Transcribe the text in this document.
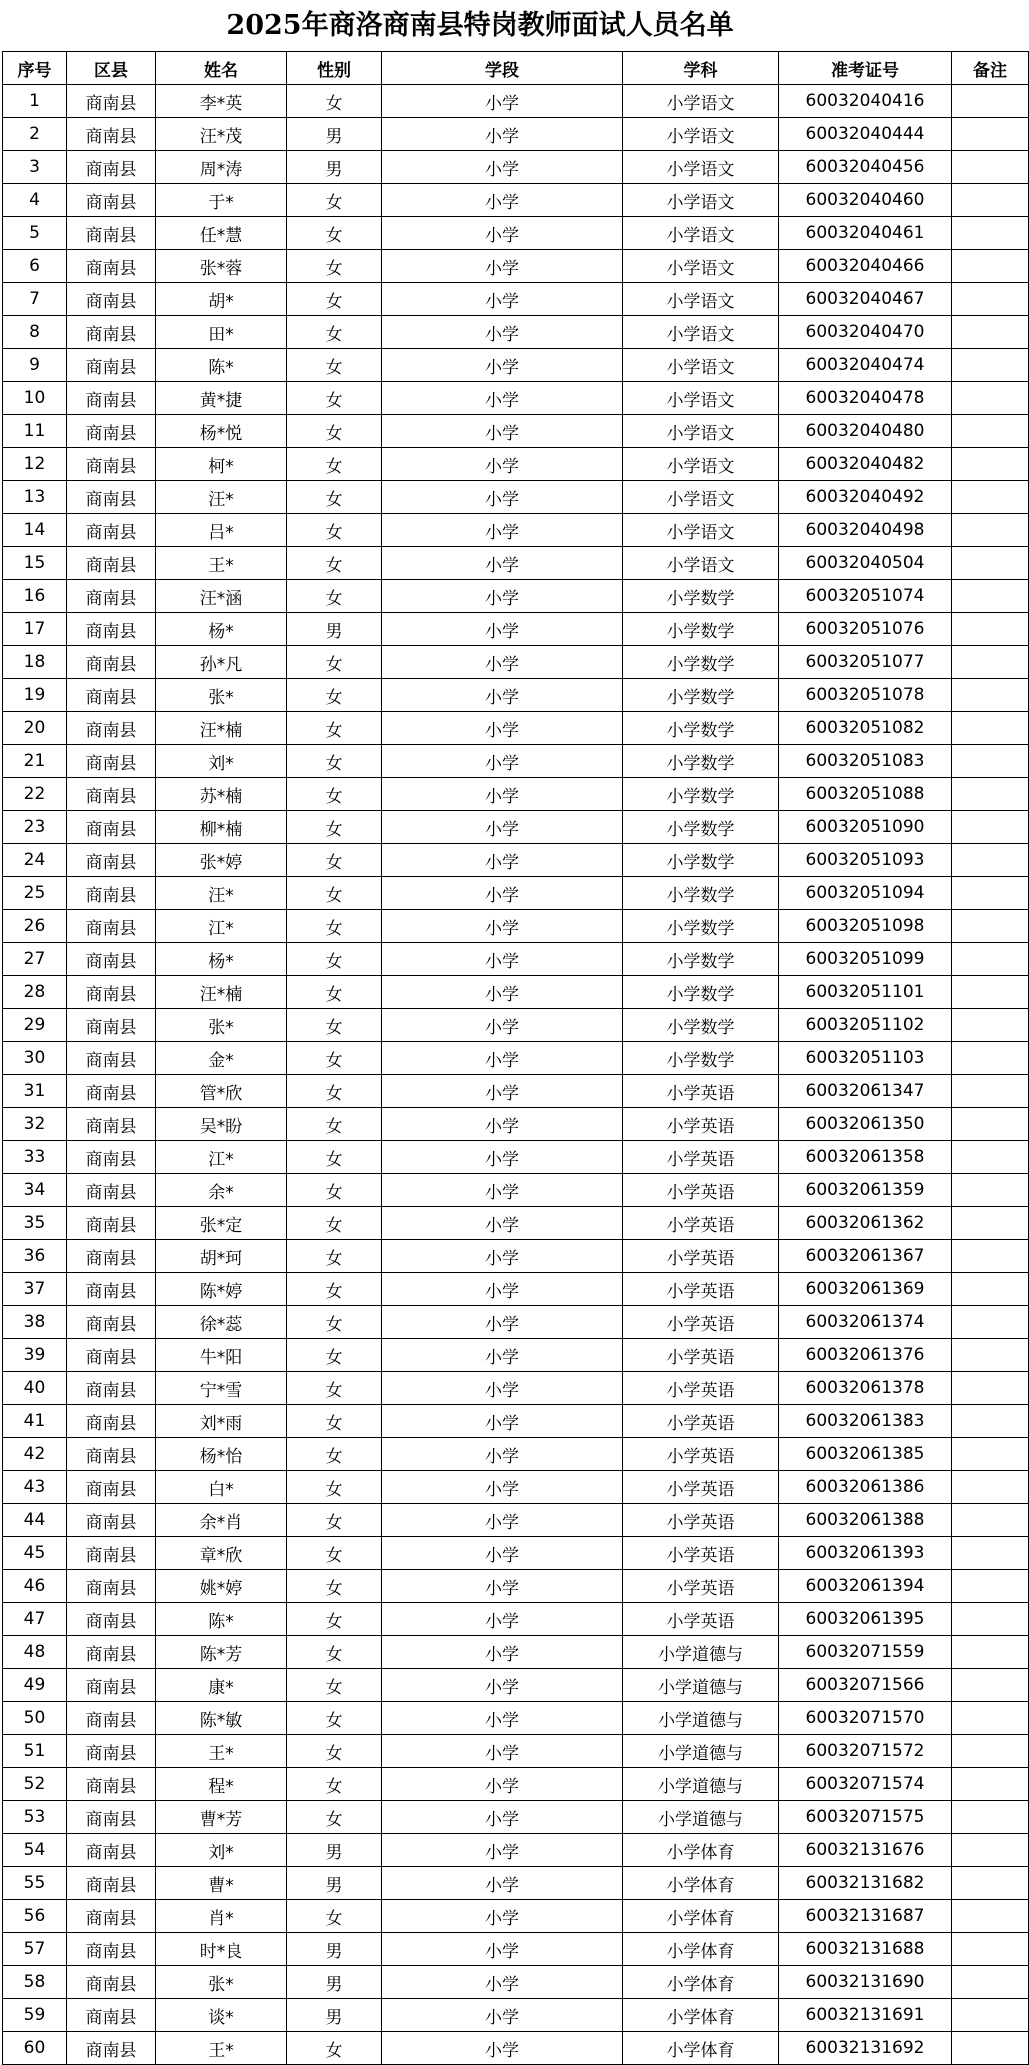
2025年商洛商南县特岗教师面试人员名单
序号	区县	姓名	性别	学段	学科	准考证号	备注
1	商南县	李*英	女	小学	小学语文	60032040416	
2	商南县	汪*茂	男	小学	小学语文	60032040444	
3	商南县	周*涛	男	小学	小学语文	60032040456	
4	商南县	于*	女	小学	小学语文	60032040460	
5	商南县	任*慧	女	小学	小学语文	60032040461	
6	商南县	张*蓉	女	小学	小学语文	60032040466	
7	商南县	胡*	女	小学	小学语文	60032040467	
8	商南县	田*	女	小学	小学语文	60032040470	
9	商南县	陈*	女	小学	小学语文	60032040474	
10	商南县	黄*捷	女	小学	小学语文	60032040478	
11	商南县	杨*悦	女	小学	小学语文	60032040480	
12	商南县	柯*	女	小学	小学语文	60032040482	
13	商南县	汪*	女	小学	小学语文	60032040492	
14	商南县	吕*	女	小学	小学语文	60032040498	
15	商南县	王*	女	小学	小学语文	60032040504	
16	商南县	汪*涵	女	小学	小学数学	60032051074	
17	商南县	杨*	男	小学	小学数学	60032051076	
18	商南县	孙*凡	女	小学	小学数学	60032051077	
19	商南县	张*	女	小学	小学数学	60032051078	
20	商南县	汪*楠	女	小学	小学数学	60032051082	
21	商南县	刘*	女	小学	小学数学	60032051083	
22	商南县	苏*楠	女	小学	小学数学	60032051088	
23	商南县	柳*楠	女	小学	小学数学	60032051090	
24	商南县	张*婷	女	小学	小学数学	60032051093	
25	商南县	汪*	女	小学	小学数学	60032051094	
26	商南县	江*	女	小学	小学数学	60032051098	
27	商南县	杨*	女	小学	小学数学	60032051099	
28	商南县	汪*楠	女	小学	小学数学	60032051101	
29	商南县	张*	女	小学	小学数学	60032051102	
30	商南县	金*	女	小学	小学数学	60032051103	
31	商南县	管*欣	女	小学	小学英语	60032061347	
32	商南县	吴*盼	女	小学	小学英语	60032061350	
33	商南县	江*	女	小学	小学英语	60032061358	
34	商南县	余*	女	小学	小学英语	60032061359	
35	商南县	张*定	女	小学	小学英语	60032061362	
36	商南县	胡*珂	女	小学	小学英语	60032061367	
37	商南县	陈*婷	女	小学	小学英语	60032061369	
38	商南县	徐*蕊	女	小学	小学英语	60032061374	
39	商南县	牛*阳	女	小学	小学英语	60032061376	
40	商南县	宁*雪	女	小学	小学英语	60032061378	
41	商南县	刘*雨	女	小学	小学英语	60032061383	
42	商南县	杨*怡	女	小学	小学英语	60032061385	
43	商南县	白*	女	小学	小学英语	60032061386	
44	商南县	余*肖	女	小学	小学英语	60032061388	
45	商南县	章*欣	女	小学	小学英语	60032061393	
46	商南县	姚*婷	女	小学	小学英语	60032061394	
47	商南县	陈*	女	小学	小学英语	60032061395	
48	商南县	陈*芳	女	小学	小学道德与	60032071559	
49	商南县	康*	女	小学	小学道德与	60032071566	
50	商南县	陈*敏	女	小学	小学道德与	60032071570	
51	商南县	王*	女	小学	小学道德与	60032071572	
52	商南县	程*	女	小学	小学道德与	60032071574	
53	商南县	曹*芳	女	小学	小学道德与	60032071575	
54	商南县	刘*	男	小学	小学体育	60032131676	
55	商南县	曹*	男	小学	小学体育	60032131682	
56	商南县	肖*	女	小学	小学体育	60032131687	
57	商南县	时*良	男	小学	小学体育	60032131688	
58	商南县	张*	男	小学	小学体育	60032131690	
59	商南县	谈*	男	小学	小学体育	60032131691	
60	商南县	王*	女	小学	小学体育	60032131692	
